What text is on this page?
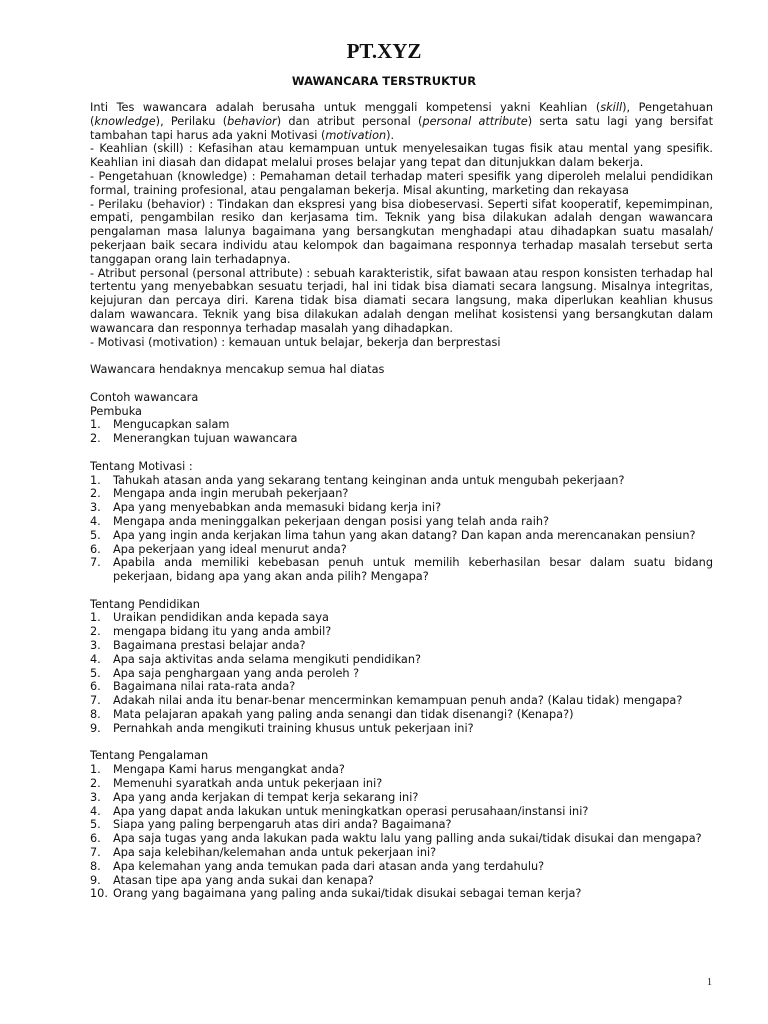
PT.XYZ
WAWANCARA TERSTRUKTUR

Inti Tes wawancara adalah berusaha untuk menggali kompetensi yakni Keahlian (skill), Pengetahuan (knowledge), Perilaku (behavior) dan atribut personal (personal attribute) serta satu lagi yang bersifat tambahan tapi harus ada yakni Motivasi (motivation).

- Keahlian (skill) : Kefasihan atau kemampuan untuk menyelesaikan tugas fisik atau mental yang spesifik. Keahlian ini diasah dan didapat melalui proses belajar yang tepat dan ditunjukkan dalam bekerja.

- Pengetahuan (knowledge) : Pemahaman detail terhadap materi spesifik yang diperoleh melalui pendidikan formal, training profesional, atau pengalaman bekerja. Misal akunting, marketing dan rekayasa

- Perilaku (behavior) : Tindakan dan ekspresi yang bisa diobeservasi. Seperti sifat kooperatif, kepemimpinan, empati, pengambilan resiko dan kerjasama tim. Teknik yang bisa dilakukan adalah dengan wawancara pengalaman masa lalunya bagaimana yang bersangkutan menghadapi atau dihadapkan suatu masalah/ pekerjaan baik secara individu atau kelompok dan bagaimana responnya terhadap masalah tersebut serta tanggapan orang lain terhadapnya.

- Atribut personal (personal attribute) : sebuah karakteristik, sifat bawaan atau respon konsisten terhadap hal tertentu yang menyebabkan sesuatu terjadi, hal ini tidak bisa diamati secara langsung. Misalnya integritas, kejujuran dan percaya diri. Karena tidak bisa diamati secara langsung, maka diperlukan keahlian khusus dalam wawancara. Teknik yang bisa dilakukan adalah dengan melihat kosistensi yang bersangkutan dalam wawancara dan responnya terhadap masalah yang dihadapkan.

- Motivasi (motivation) : kemauan untuk belajar, bekerja dan berprestasi

Wawancara hendaknya mencakup semua hal diatas

Contoh wawancara

Pembuka

1. Mengucapkan salam
2. Menerangkan tujuan wawancara

Tentang Motivasi :

1. Tahukah atasan anda yang sekarang tentang keinginan anda untuk mengubah pekerjaan?
2. Mengapa anda ingin merubah pekerjaan?
3. Apa yang menyebabkan anda memasuki bidang kerja ini?
4. Mengapa anda meninggalkan pekerjaan dengan posisi yang telah anda raih?
5. Apa yang ingin anda kerjakan lima tahun yang akan datang? Dan kapan anda merencanakan pensiun?
6. Apa pekerjaan yang ideal menurut anda?
7. Apabila anda memiliki kebebasan penuh untuk memilih keberhasilan besar dalam suatu bidang pekerjaan, bidang apa yang akan anda pilih? Mengapa?

Tentang Pendidikan

1. Uraikan pendidikan anda kepada saya
2. mengapa bidang itu yang anda ambil?
3. Bagaimana prestasi belajar anda?
4. Apa saja aktivitas anda selama mengikuti pendidikan?
5. Apa saja penghargaan yang anda peroleh ?
6. Bagaimana nilai rata-rata anda?
7. Adakah nilai anda itu benar-benar mencerminkan kemampuan penuh anda? (Kalau tidak) mengapa?
8. Mata pelajaran apakah yang paling anda senangi dan tidak disenangi? (Kenapa?)
9. Pernahkah anda mengikuti training khusus untuk pekerjaan ini?

Tentang Pengalaman

1. Mengapa Kami harus mengangkat anda?
2. Memenuhi syaratkah anda untuk pekerjaan ini?
3. Apa yang anda kerjakan di tempat kerja sekarang ini?
4. Apa yang dapat anda lakukan untuk meningkatkan operasi perusahaan/instansi ini?
5. Siapa yang paling berpengaruh atas diri anda? Bagaimana?
6. Apa saja tugas yang anda lakukan pada waktu lalu yang palling anda sukai/tidak disukai dan mengapa?
7. Apa saja kelebihan/kelemahan anda untuk pekerjaan ini?
8. Apa kelemahan yang anda temukan pada dari atasan anda yang terdahulu?
9. Atasan tipe apa yang anda sukai dan kenapa?
10. Orang yang bagaimana yang paling anda sukai/tidak disukai sebagai teman kerja?
1
